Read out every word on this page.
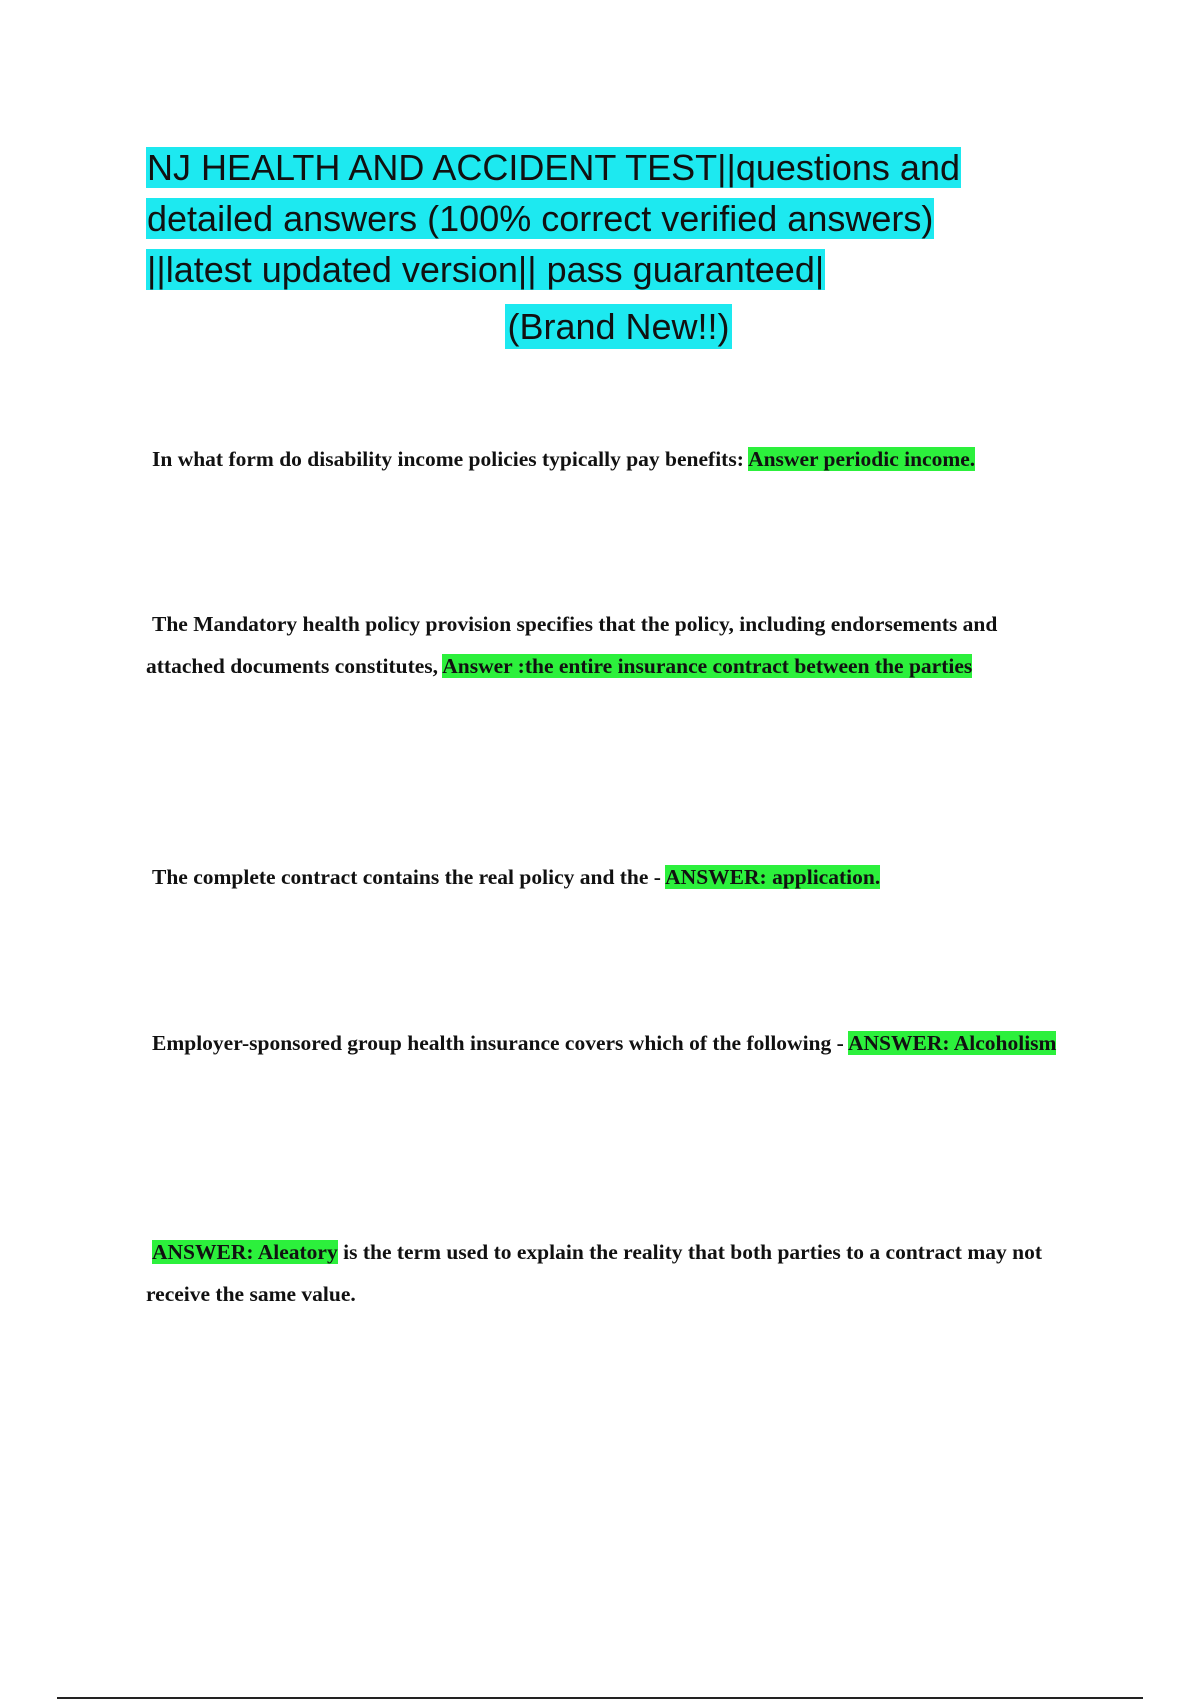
NJ HEALTH AND ACCIDENT TEST||questions and
detailed answers (100% correct verified answers)
||latest updated version|| pass guaranteed|
(Brand New!!)
In what form do disability income policies typically pay benefits: Answer periodic income.
The Mandatory health policy provision specifies that the policy, including endorsements and attached documents constitutes, Answer :the entire insurance contract between the parties
The complete contract contains the real policy and the - ANSWER: application.
Employer-sponsored group health insurance covers which of the following - ANSWER: Alcoholism
ANSWER: Aleatory is the term used to explain the reality that both parties to a contract may not receive the same value.
